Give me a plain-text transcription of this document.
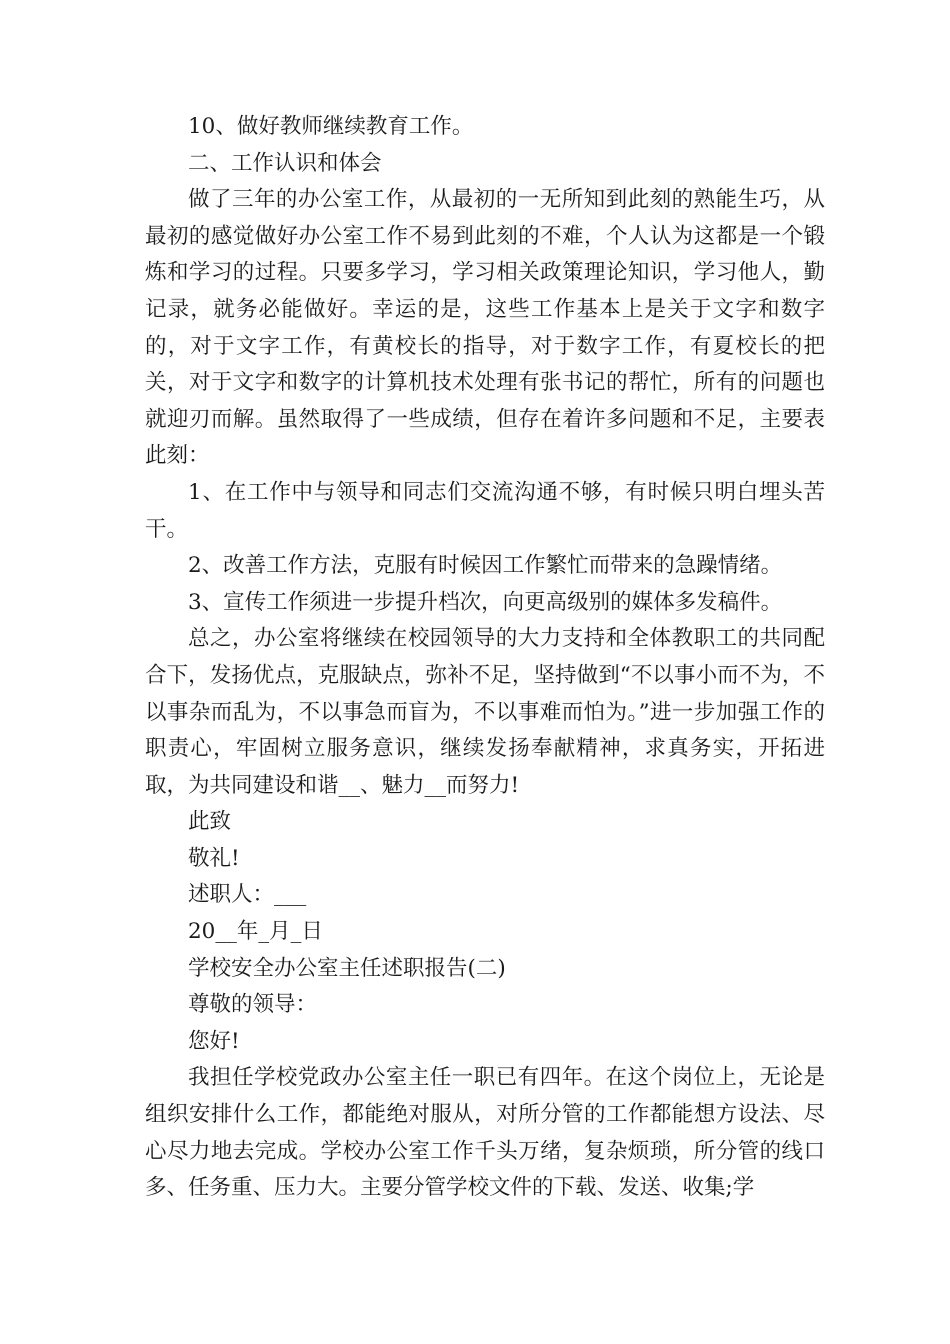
10、做好教师继续教育工作。

二、工作认识和体会

做了三年的办公室工作，从最初的一无所知到此刻的熟能生巧，从最初的感觉做好办公室工作不易到此刻的不难，个人认为这都是一个锻炼和学习的过程。只要多学习，学习相关政策理论知识，学习他人，勤记录，就务必能做好。幸运的是，这些工作基本上是关于文字和数字的，对于文字工作，有黄校长的指导，对于数字工作，有夏校长的把关，对于文字和数字的计算机技术处理有张书记的帮忙，所有的问题也就迎刃而解。虽然取得了一些成绩，但存在着许多问题和不足，主要表此刻：

1、在工作中与领导和同志们交流沟通不够，有时候只明白埋头苦干。

2、改善工作方法，克服有时候因工作繁忙而带来的急躁情绪。

3、宣传工作须进一步提升档次，向更高级别的媒体多发稿件。

总之，办公室将继续在校园领导的大力支持和全体教职工的共同配合下，发扬优点，克服缺点，弥补不足，坚持做到“不以事小而不为，不以事杂而乱为，不以事急而盲为，不以事难而怕为。”进一步加强工作的职责心，牢固树立服务意识，继续发扬奉献精神，求真务实，开拓进取，为共同建设和谐__、魅力__而努力!

此致

敬礼!

述职人：___

20__年_月_日

学校安全办公室主任述职报告(二)

尊敬的领导：

您好!

我担任学校党政办公室主任一职已有四年。在这个岗位上，无论是组织安排什么工作，都能绝对服从，对所分管的工作都能想方设法、尽心尽力地去完成。学校办公室工作千头万绪，复杂烦琐，所分管的线口多、任务重、压力大。主要分管学校文件的下载、发送、收集;学
